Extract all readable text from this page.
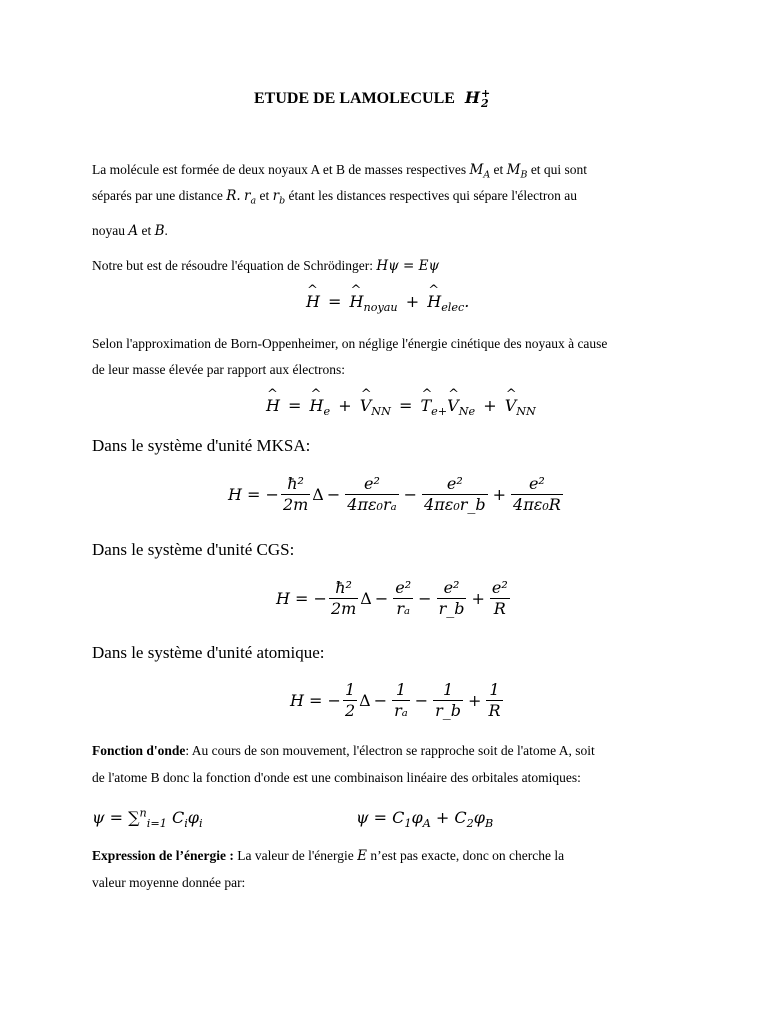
ETUDE DE LAMOLECULE H +
2
La molécule est formée de deux noyaux A et B de masses respectives $M_A$ et $M_B$ et qui sont
séparés par une distance R. $r_a$ et $r_b$ étant les distances respectives qui sépare l'électron au
noyau A et B.
Notre but est de résoudre l'équation de Schrödinger: Hψ = Eψ
^ H = ^ $H_{noyau}$ + ^ $H_{elec}$.
Selon l'approximation de Born-Oppenheimer, on néglige l'énergie cinétique des noyaux à cause
de leur masse élevée par rapport aux électrons:
^ H = ^ $H_e$ + ^ $V_{NN}$ = ^ $T_{e+}\^{}$ $V_{Ne}$ + ^ $V_{NN}$
Dans le système d'unité MKSA:
H = − $\frac{\text{ħ²}}{2m}$ $\Delta - \frac{\text{e²}}{\text{4πε₀rₐ}} - \frac{\text{e²}}{\text{4πε₀r\_b}} + \frac{\text{e²}}{\text{4πε₀R}}$
Dans le système d'unité CGS:
H = − $\frac{\text{ħ²}}{2m}$ $\Delta - \frac{\text{e²}}{\text{rₐ}} - \frac{\text{e²}}{r\_b} + \frac{\text{e²}}{R}$
Dans le système d'unité atomique:
H = − $\frac{1}{2}$ $\Delta - \frac{1}{\text{rₐ}} - \frac{1}{r\_b} + \frac{1}{R}$
Fonction d'onde: Au cours de son mouvement, l'électron se rapproche soit de l'atome A, soit
de l'atome B donc la fonction d'onde est une combinaison linéaire des orbitales atomiques:
ψ = ∑$^n_{i=1}$ $C_i\varphi_i$	$\psi = C_1\varphi_A + C_2\varphi_B$
Expression de l’énergie : La valeur de l'énergie E n’est pas exacte, donc on cherche la
valeur moyenne donnée par:
